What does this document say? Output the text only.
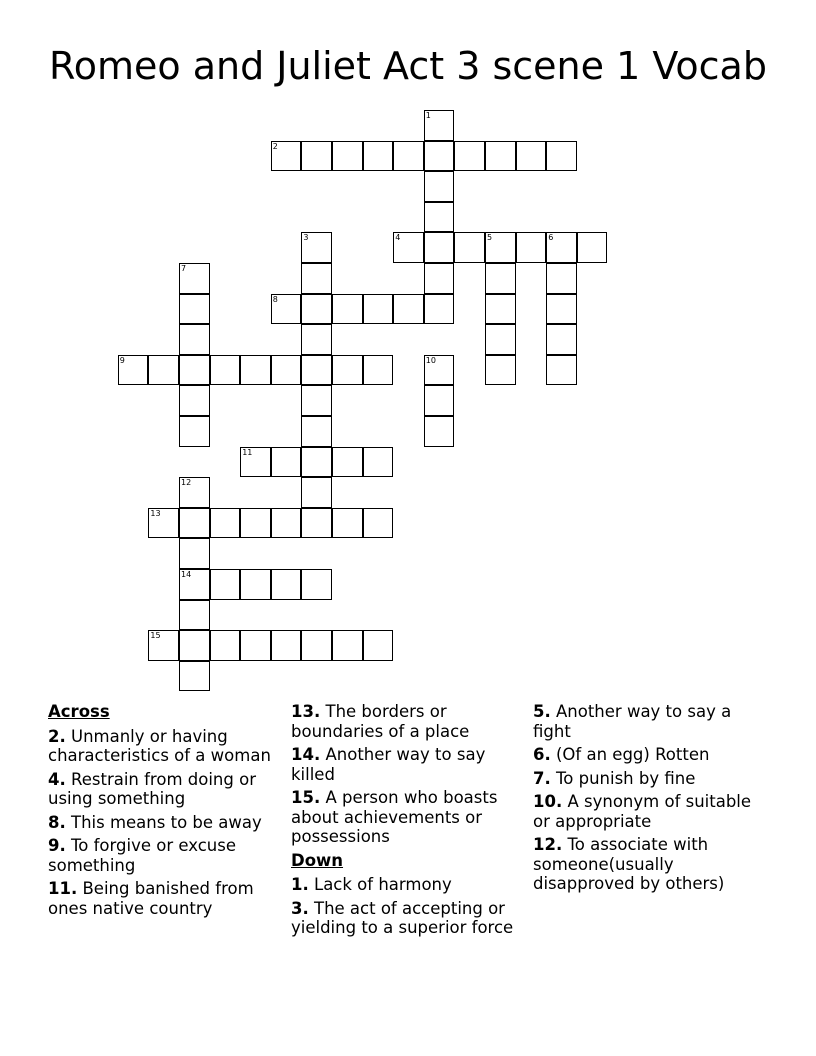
Romeo and Juliet Act 3 scene 1 Vocab
1
2
3	4	5	6
7
8
9	10
11
12
14
13
15
Across
2. Unmanly or having characteristics of a woman
4. Restrain from doing or using something
8. This means to be away
9. To forgive or excuse something
11. Being banished from ones native country
13. The borders or boundaries of a place
14. Another way to say killed
15. A person who boasts about achievements or possessions
Down
1. Lack of harmony
3. The act of accepting or yielding to a superior force
5. Another way to say a fight
6. (Of an egg) Rotten
7. To punish by fine
10. A synonym of suitable or appropriate
12. To associate with someone(usually disapproved by others)
